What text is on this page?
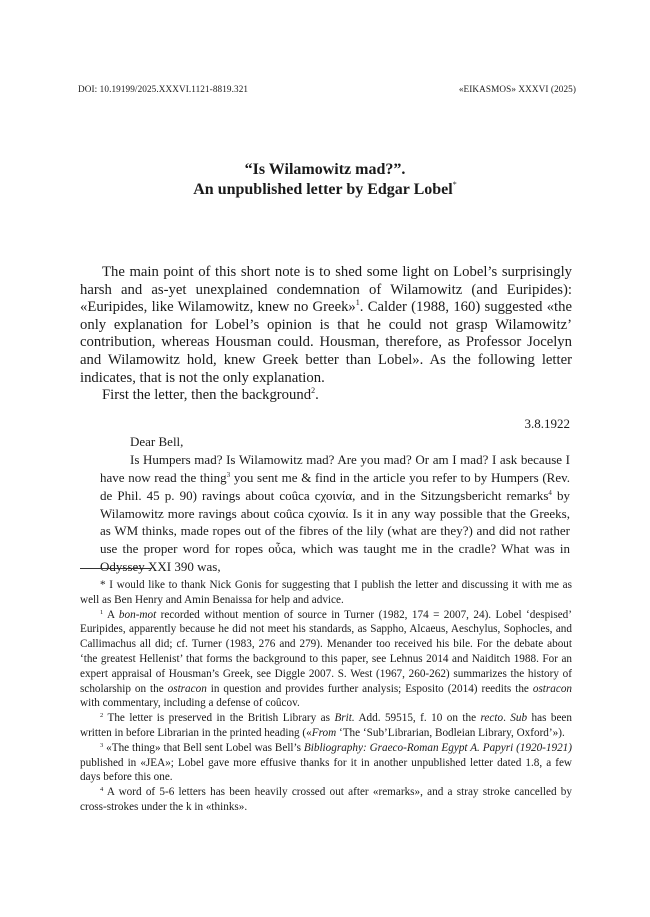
DOI: 10.19199/2025.XXXVI.1121-8819.321	«EIKASMOS» XXXVI (2025)
“Is Wilamowitz mad?”.
An unpublished letter by Edgar Lobel*

The main point of this short note is to shed some light on Lobel’s surprisingly harsh and as-yet unexplained condemnation of Wilamowitz (and Euripides): «Euripides, like Wilamowitz, knew no Greek»$^1$. Calder (1988, 160) suggested «the only explanation for Lobel’s opinion is that he could not grasp Wilamowitz’ contribution, whereas Housman could. Housman, therefore, as Professor Jocelyn and Wilamowitz hold, knew Greek better than Lobel». As the following letter indicates, that is not the only explanation.

First the letter, then the background$^2$.

3.8.1922
Dear Bell,

Is Humpers mad? Is Wilamowitz mad? Are you mad? Or am I mad? I ask because I have now read the thing$^3$ you sent me & find in the article you refer to by Humpers (Rev. de Phil. 45 p. 90) ravings about coûca cχοινία, and in the Sitzungsbericht remarks$^4$ by Wilamowitz more ravings about coûca cχοινία. Is it in any way possible that the Greeks, as WM thinks, made ropes out of the fibres of the lily (what are they?) and did not rather use the proper word for ropes oὖca, which was taught me in the cradle? What was in Odyssey XXI 390 was,

* I would like to thank Nick Gonis for suggesting that I publish the letter and discussing it with me as well as Ben Henry and Amin Benaissa for help and advice.

$^1$ A bon-mot recorded without mention of source in Turner (1982, 174 = 2007, 24). Lobel ‘despised’ Euripides, apparently because he did not meet his standards, as Sappho, Alcaeus, Aeschylus, Sophocles, and Callimachus all did; cf. Turner (1983, 276 and 279). Menander too received his bile. For the debate about ‘the greatest Hellenist’ that forms the background to this paper, see Lehnus 2014 and Naiditch 1988. For an expert appraisal of Housman’s Greek, see Diggle 2007. S. West (1967, 260-262) summarizes the history of scholarship on the ostracon in question and provides further analysis; Esposito (2014) reedits the ostracon with commentary, including a defense of coûcov.

$^2$ The letter is preserved in the British Library as Brit. Add. 59515, f. 10 on the recto. Sub has been written in before Librarian in the printed heading («From ‘The ‘Sub’Librarian, Bodleian Library, Oxford’»).

$^3$ «The thing» that Bell sent Lobel was Bell’s Bibliography: Graeco-Roman Egypt A. Papyri (1920-1921) published in «JEA»; Lobel gave more effusive thanks for it in another unpublished letter dated 1.8, a few days before this one.

$^4$ A word of 5-6 letters has been heavily crossed out after «remarks», and a stray stroke cancelled by cross-strokes under the k in «thinks».
